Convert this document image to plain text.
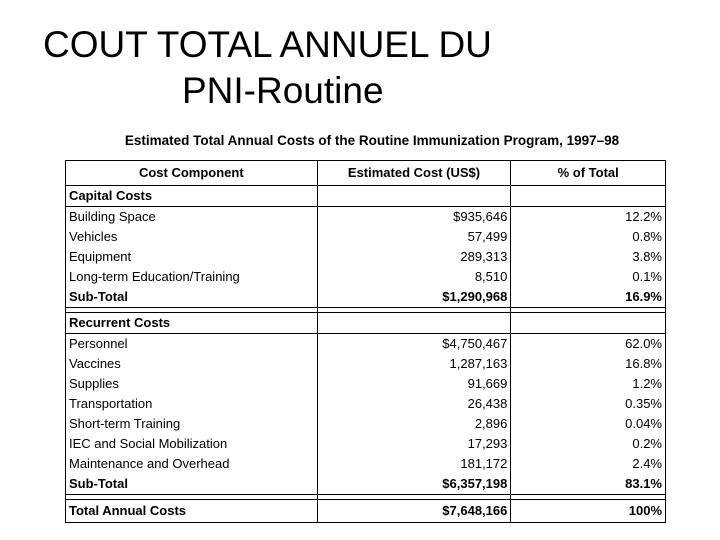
COUT TOTAL ANNUEL DU
PNI-Routine
Estimated Total Annual Costs of the Routine Immunization Program, 1997–98
Cost Component	Estimated Cost (US$)	% of Total
Capital Costs		
Building Space	$935,646	12.2%
Vehicles	57,499	0.8%
Equipment	289,313	3.8%
Long-term Education/Training	8,510	0.1%
Sub-Total	$1,290,968	16.9%

Recurrent Costs		
Personnel	$4,750,467	62.0%
Vaccines	1,287,163	16.8%
Supplies	91,669	1.2%
Transportation	26,438	0.35%
Short-term Training	2,896	0.04%
IEC and Social Mobilization	17,293	0.2%
Maintenance and Overhead	181,172	2.4%
Sub-Total	$6,357,198	83.1%

Total Annual Costs	$7,648,166	100%
